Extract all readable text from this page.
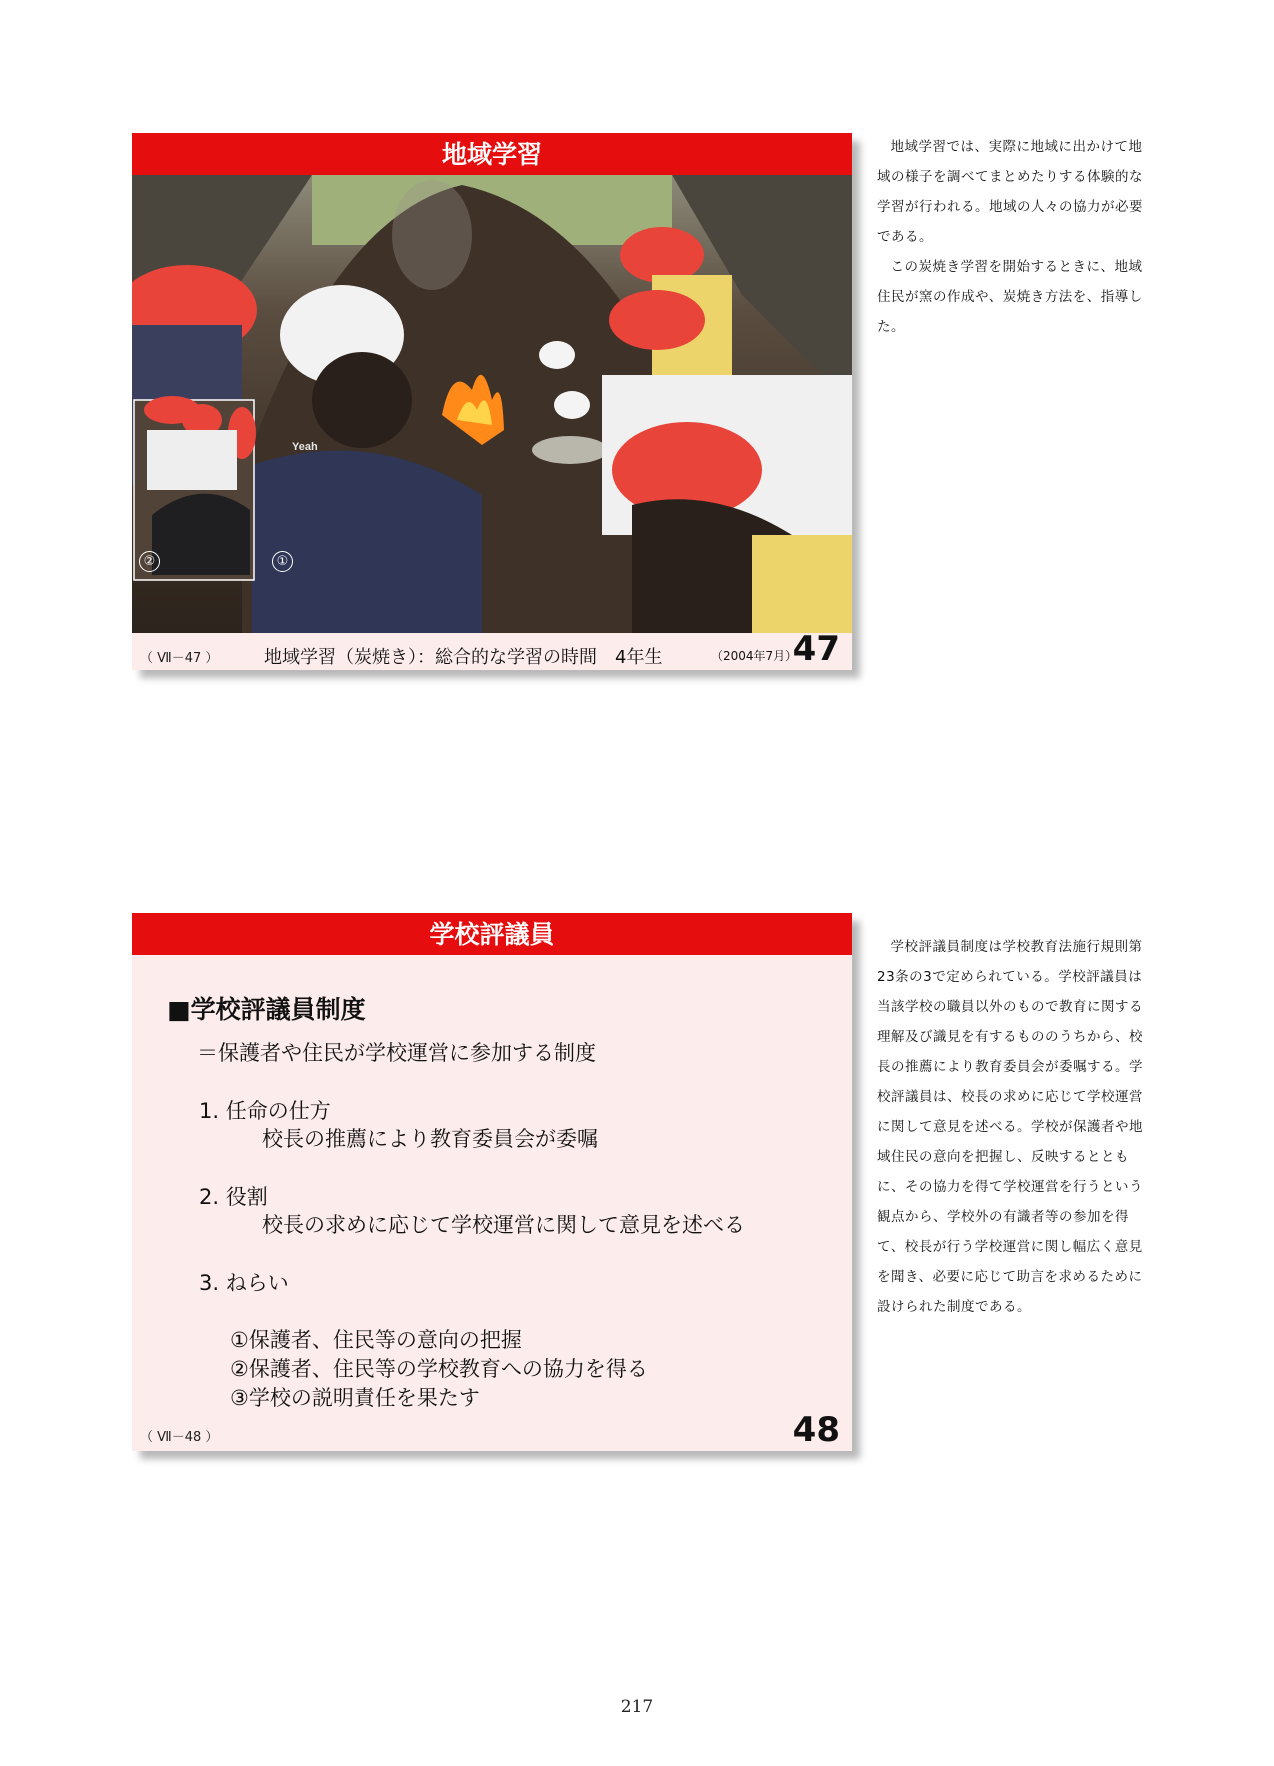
地域学習
Yeah
②	①
（ Ⅶ－47 ）	地域学習（炭焼き）：総合的な学習の時間　4年生	（2004年7月）
47

地域学習では、実際に地域に出かけて地域の様子を調べてまとめたりする体験的な学習が行われる。地域の人々の協力が必要である。

この炭焼き学習を開始するときに、地域住民が窯の作成や、炭焼き方法を、指導した。

学校評議員
■学校評議員制度
＝保護者や住民が学校運営に参加する制度
1. 任命の仕方
校長の推薦により教育委員会が委嘱
2. 役割
校長の求めに応じて学校運営に関して意見を述べる
3. ねらい
①保護者、住民等の意向の把握
②保護者、住民等の学校教育への協力を得る
③学校の説明責任を果たす
（ Ⅶ－48 ）	48

学校評議員制度は学校教育法施行規則第23条の3で定められている。学校評議員は当該学校の職員以外のもので教育に関する理解及び識見を有するもののうちから、校長の推薦により教育委員会が委嘱する。学校評議員は、校長の求めに応じて学校運営に関して意見を述べる。学校が保護者や地域住民の意向を把握し、反映するとともに、その協力を得て学校運営を行うという観点から、学校外の有識者等の参加を得て、校長が行う学校運営に関し幅広く意見を聞き、必要に応じて助言を求めるために設けられた制度である。

217
